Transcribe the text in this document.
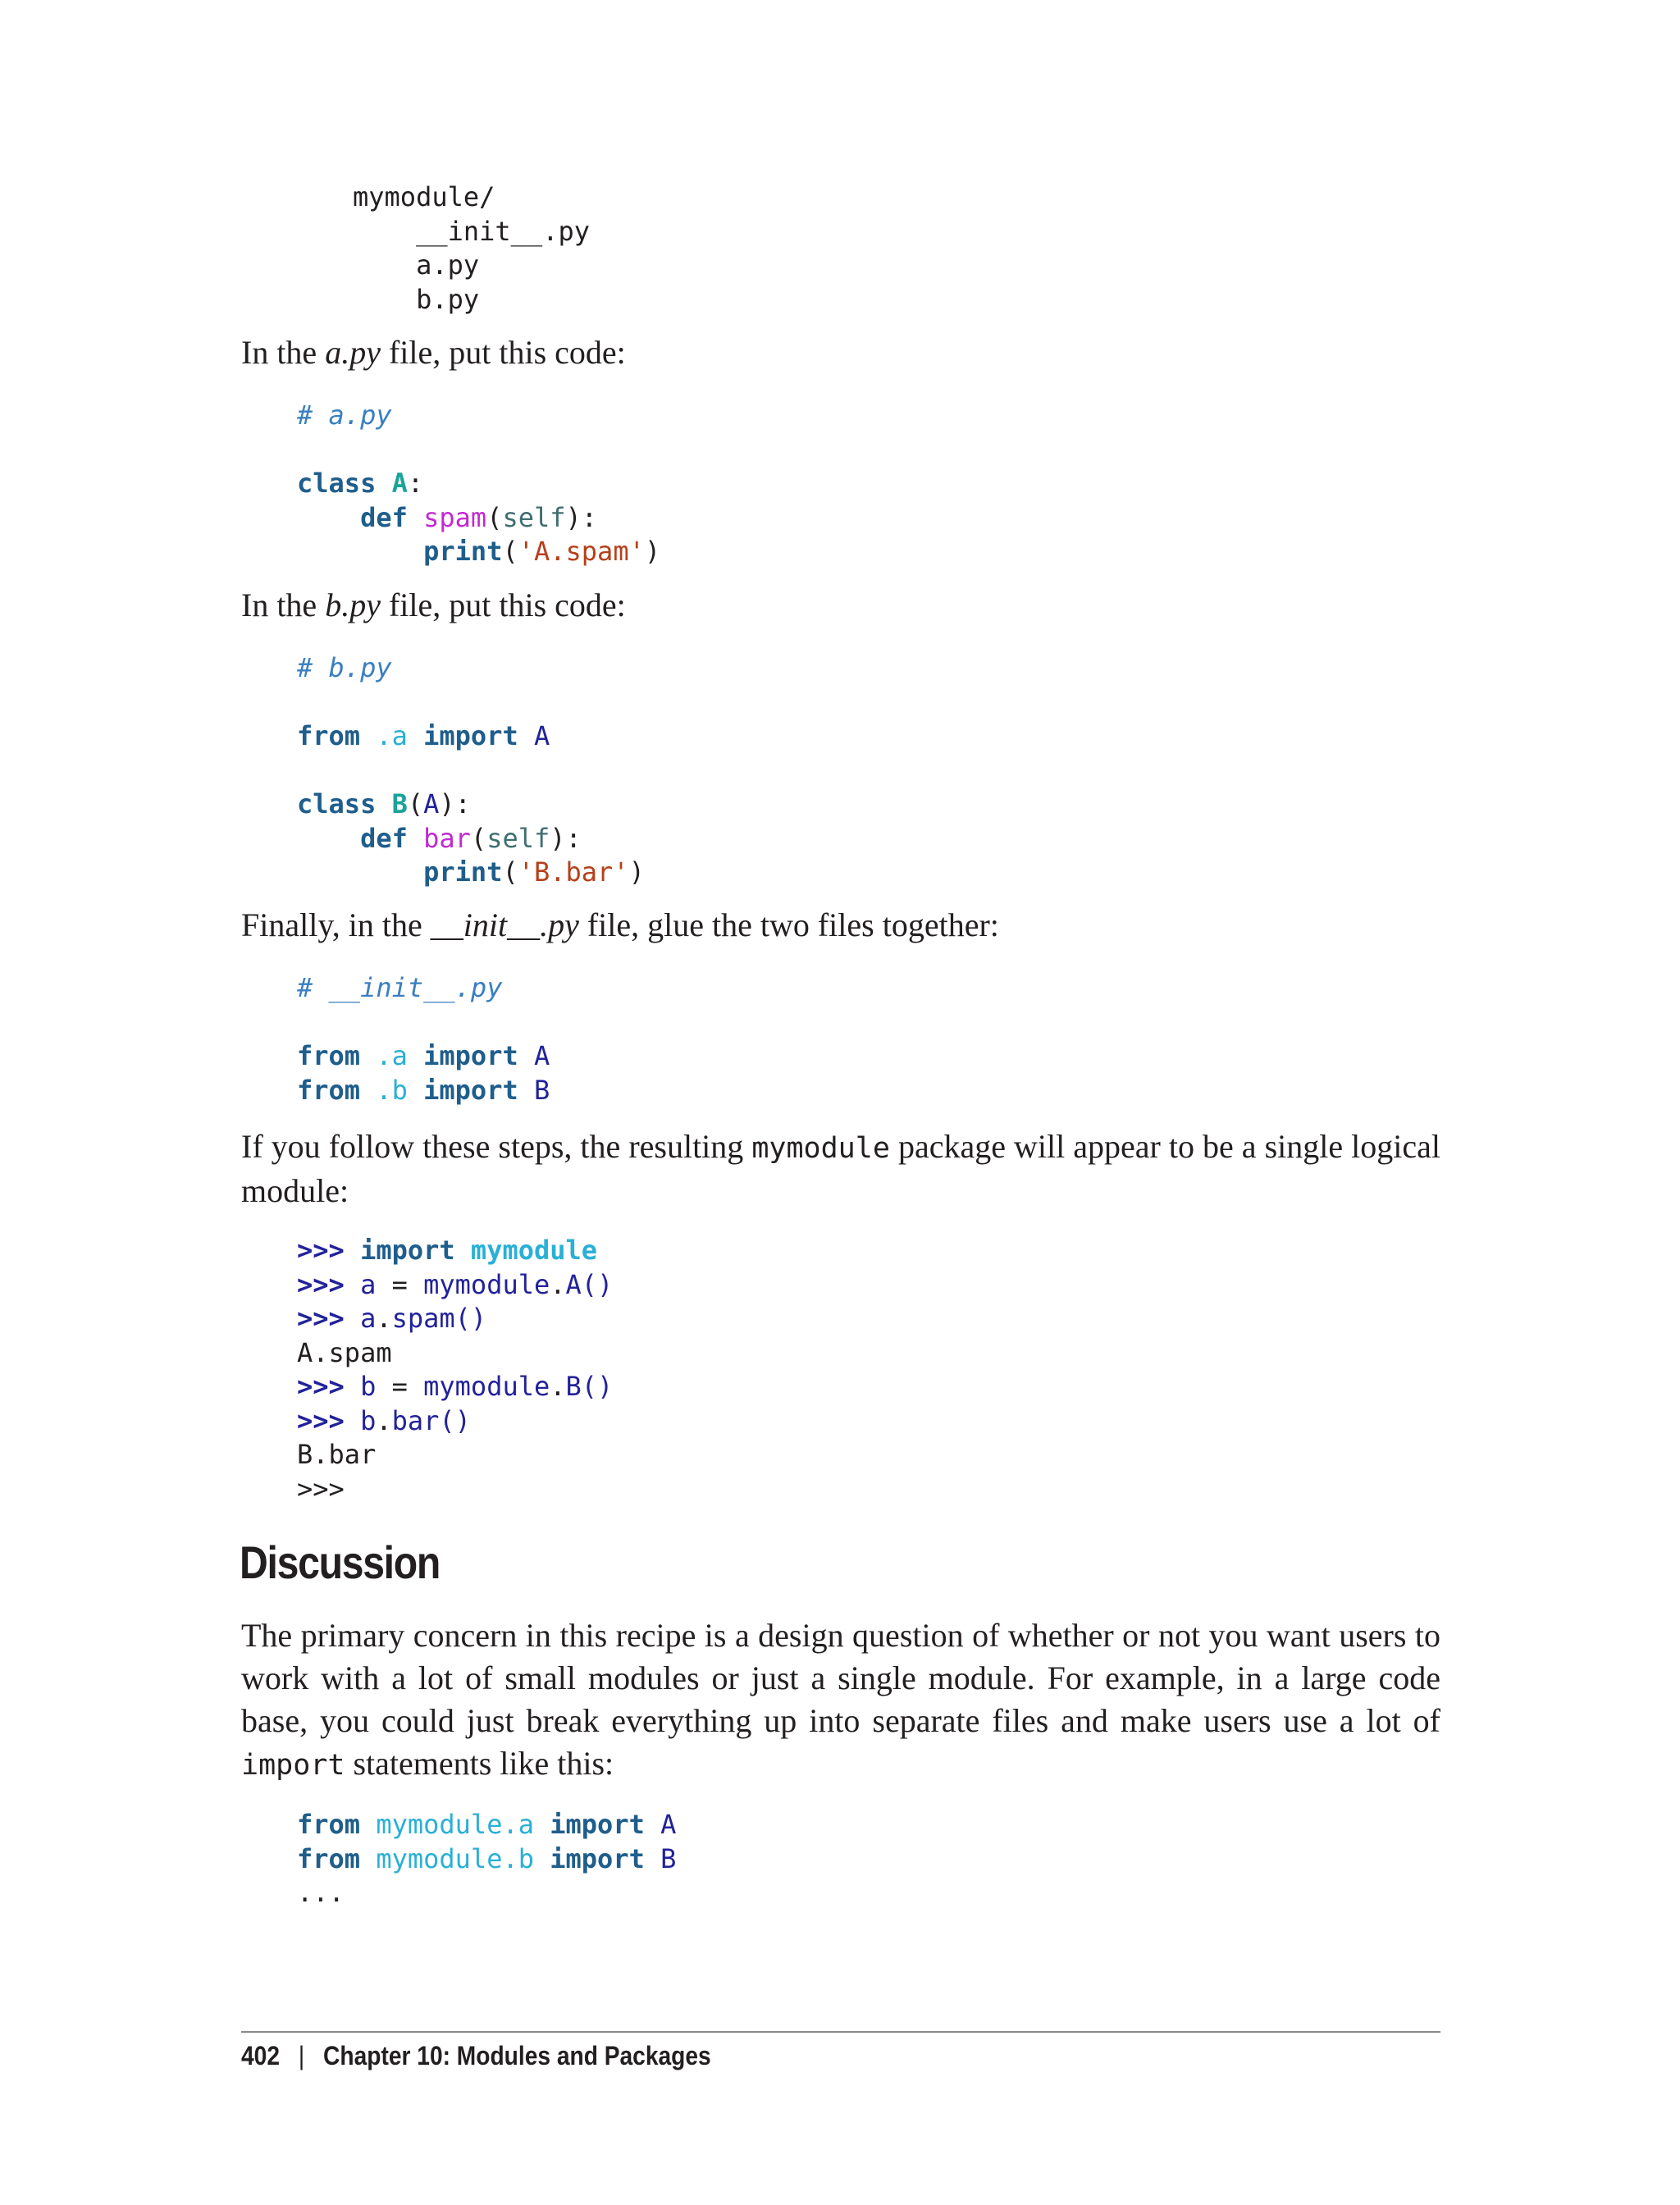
mymodule/
__init__.py
a.py
b.py

In the a.py file, put this code:

# a.py

class A:
def spam(self):
print('A.spam')

In the b.py file, put this code:

# b.py

from .a import A

class B(A):
def bar(self):
print('B.bar')

Finally, in the __init__.py file, glue the two files together:

# __init__.py

from .a import A
from .b import B

If you follow these steps, the resulting mymodule package will appear to be a single logical module:

>>> import mymodule
>>> a = mymodule.A()
>>> a.spam()
A.spam
>>> b = mymodule.B()
>>> b.bar()
B.bar
>>>
Discussion

The primary concern in this recipe is a design question of whether or not you want users to work with a lot of small modules or just a single module. For example, in a large code base, you could just break everything up into separate files and make users use a lot of import statements like this:

from mymodule.a import A
from mymodule.b import B
...
402 | Chapter 10: Modules and Packages
